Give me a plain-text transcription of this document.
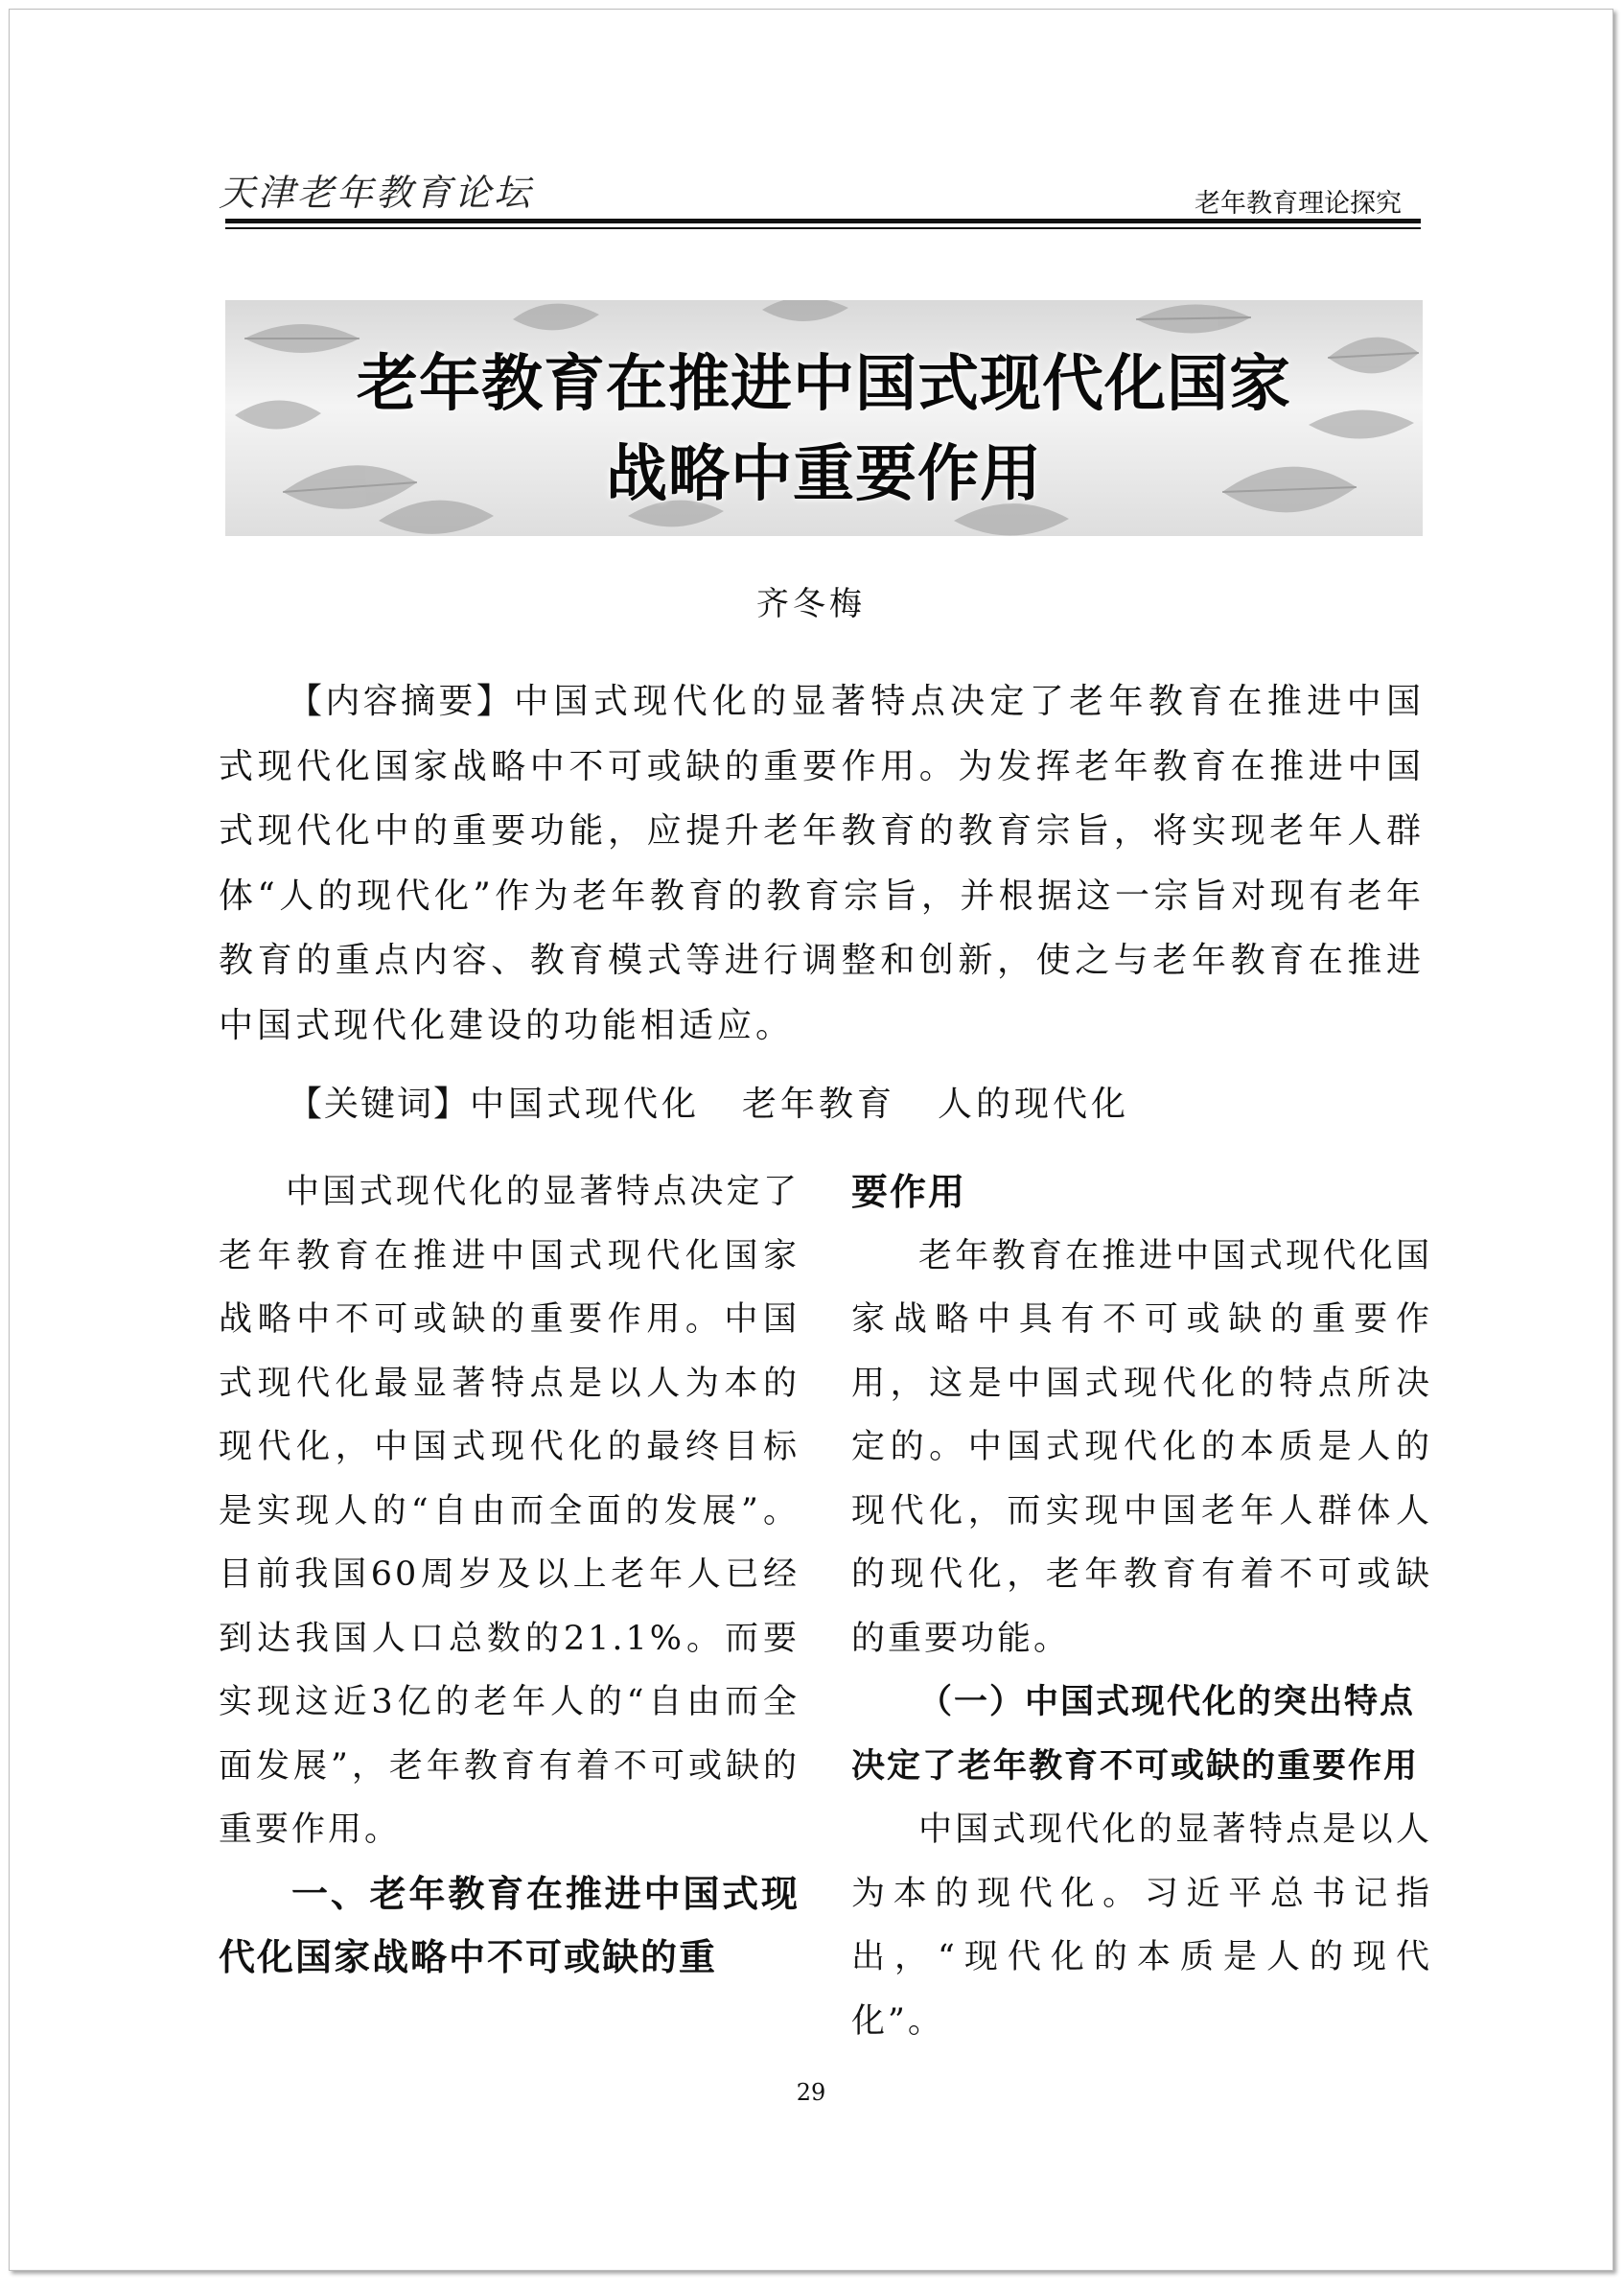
天津老年教育论坛	老年教育理论探究
老年教育在推进中国式现代化国家
战略中重要作用
齐冬梅

【内容摘要】中国式现代化的显著特点决定了老年教育在推进中国式现代化国家战略中不可或缺的重要作用。为发挥老年教育在推进中国式现代化中的重要功能，应提升老年教育的教育宗旨，将实现老年人群体“人的现代化”作为老年教育的教育宗旨，并根据这一宗旨对现有老年教育的重点内容、教育模式等进行调整和创新，使之与老年教育在推进中国式现代化建设的功能相适应。

【关键词】中国式现代化 老年教育 人的现代化

中国式现代化的显著特点决定了老年教育在推进中国式现代化国家战略中不可或缺的重要作用。中国式现代化最显著特点是以人为本的现代化，中国式现代化的最终目标是实现人的“自由而全面的发展”。目前我国60周岁及以上老年人已经到达我国人口总数的21.1%。而要实现这近3亿的老年人的“自由而全面发展”，老年教育有着不可或缺的重要作用。

一、老年教育在推进中国式现代化国家战略中不可或缺的重

要作用

老年教育在推进中国式现代化国家战略中具有不可或缺的重要作用，这是中国式现代化的特点所决定的。中国式现代化的本质是人的现代化，而实现中国老年人群体人的现代化，老年教育有着不可或缺的重要功能。

（一）中国式现代化的突出特点

决定了老年教育不可或缺的重要作用

中国式现代化的显著特点是以人为本的现代化。习近平总书记指出，“现代化的本质是人的现代化”。

29
